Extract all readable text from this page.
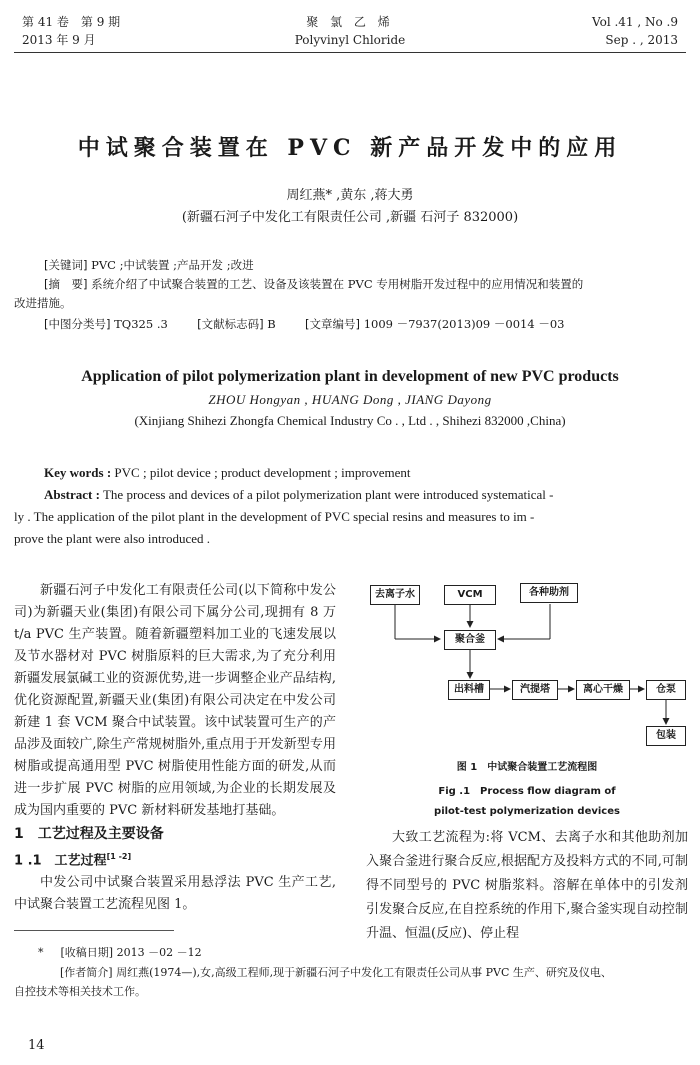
第 41 卷　第 9 期
2013 年 9 月
聚 氯 乙 烯
Polyvinyl Chloride
Vol .41 , No .9
Sep . , 2013
中试聚合装置在 PVC 新产品开发中的应用
周红燕* ,黄东 ,蒋大勇
(新疆石河子中发化工有限责任公司 ,新疆 石河子 832000)
[关键词] PVC ;中试装置 ;产品开发 ;改进
[摘　要] 系统介绍了中试聚合装置的工艺、设备及该装置在 PVC 专用树脂开发过程中的应用情况和装置的
改进措施。
[中图分类号] TQ325 .3	[文献标志码] B	[文章编号] 1009 －7937(2013)09 －0014 －03
Application of pilot polymerization plant in development of new PVC products
ZHOU Hongyan , HUANG Dong , JIANG Dayong
(Xinjiang Shihezi Zhongfa Chemical Industry Co . , Ltd . , Shihezi 832000 ,China)
Key words : PVC ; pilot device ; product development ; improvement
Abstract : The process and devices of a pilot polymerization plant were introduced systematical -
ly . The application of the pilot plant in the development of PVC special resins and measures to im -
prove the plant were also introduced .

新疆石河子中发化工有限责任公司(以下简称中发公司)为新疆天业(集团)有限公司下属分公司,现拥有 8 万 t/a PVC 生产装置。随着新疆塑料加工业的飞速发展以及节水器材对 PVC 树脂原料的巨大需求,为了充分利用新疆发展氯碱工业的资源优势,进一步调整企业产品结构,优化资源配置,新疆天业(集团)有限公司决定在中发公司新建 1 套 VCM 聚合中试装置。该中试装置可生产的产品涉及面较广,除生产常规树脂外,重点用于开发新型专用树脂或提高通用型 PVC 树脂使用性能方面的研发,从而进一步扩展 PVC 树脂的应用领域,为企业的长期发展及成为国内重要的 PVC 新材料研发基地打基础。

1　工艺过程及主要设备

1 .1　工艺过程[1 -2]

中发公司中试聚合装置采用悬浮法 PVC 生产工艺,中试聚合装置工艺流程见图 1。

去离子水	VCM	各种助剂
聚合釜
出料槽	汽提塔	离心干燥	仓泵
包装
图 1　中试聚合装置工艺流程图
Fig .1　Process flow diagram of
pilot-test polymerization devices

大致工艺流程为:将 VCM、去离子水和其他助剂加入聚合釜进行聚合反应,根据配方及投料方式的不同,可制得不同型号的 PVC 树脂浆料。溶解在单体中的引发剂引发聚合反应,在自控系统的作用下,聚合釜实现自动控制升温、恒温(反应)、停止程

* [收稿日期] 2013 －02 －12
[作者简介] 周红燕(1974—),女,高级工程师,现于新疆石河子中发化工有限责任公司从事 PVC 生产、研究及仪电、
自控技术等相关技术工作。
14
